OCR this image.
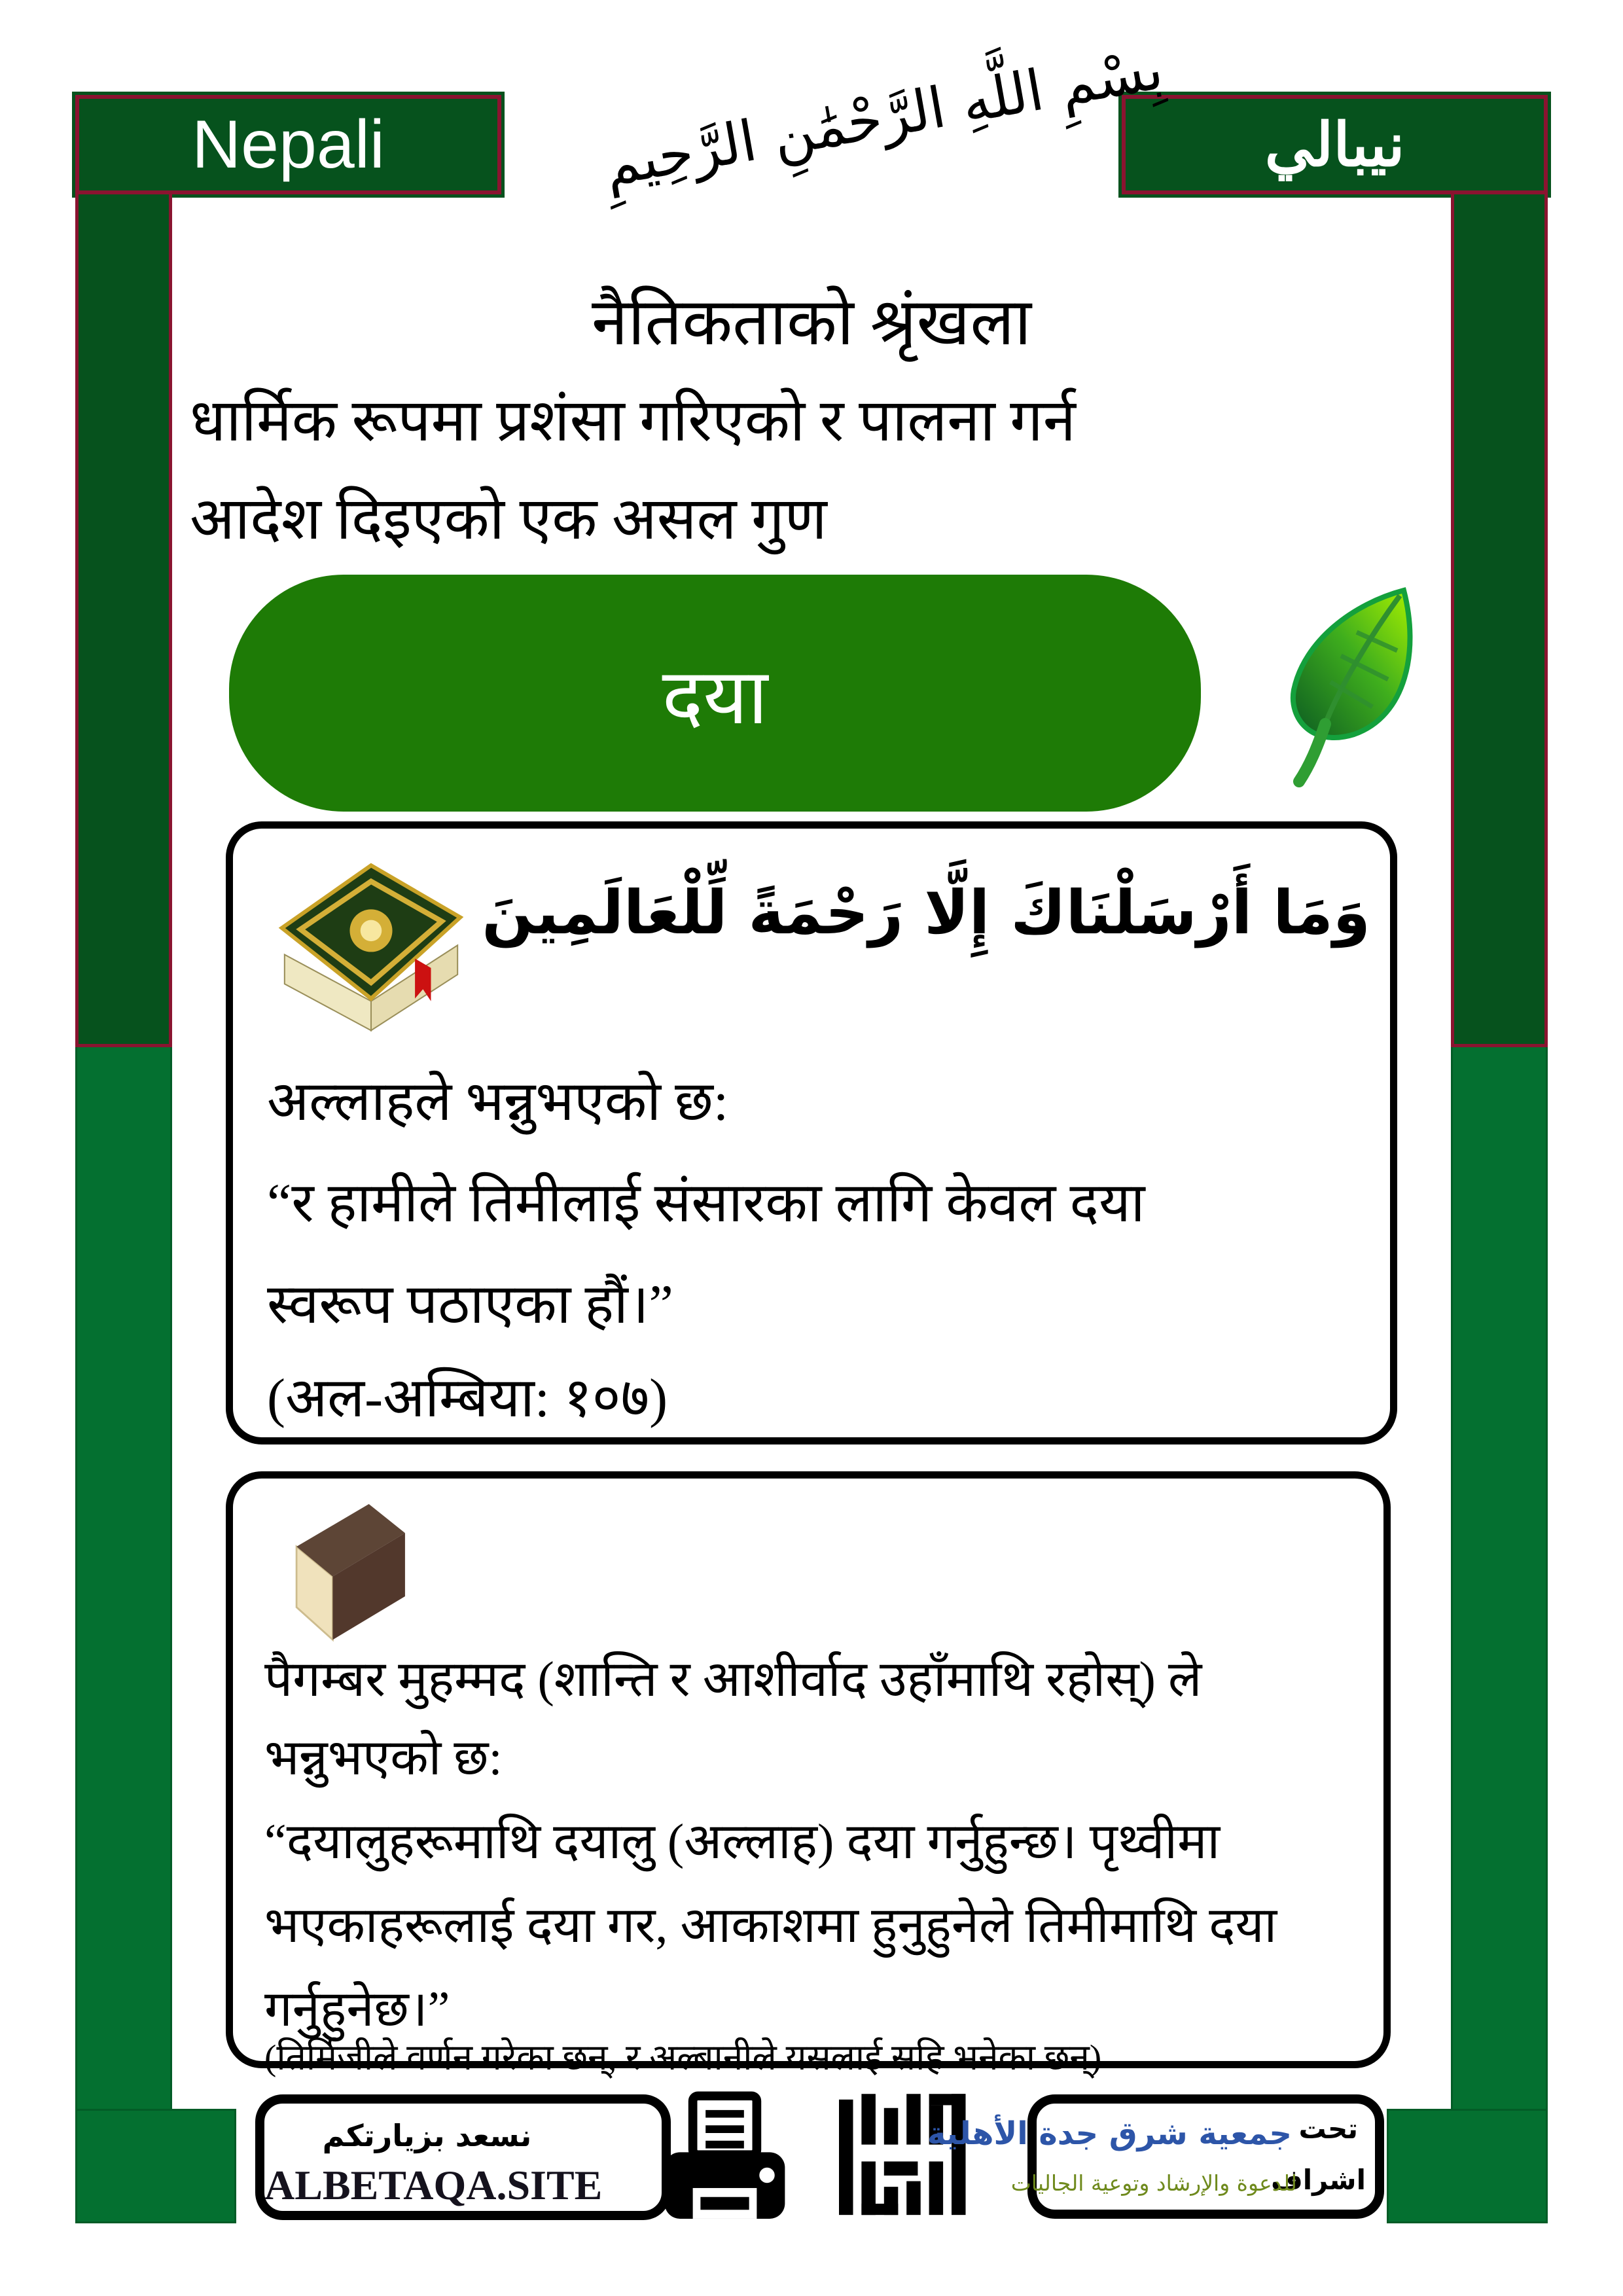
Nepali	نيبالي
بِسْمِ اللَّهِ الرَّحْمَٰنِ الرَّحِيمِ
नैतिकताको श्रृंखला
धार्मिक रूपमा प्रशंसा गरिएको र पालना गर्न
आदेश दिइएको एक असल गुण
दया
وَمَا أَرْسَلْنَاكَ إِلَّا رَحْمَةً لِّلْعَالَمِينَ
अल्लाहले भन्नुभएको छ:
“र हामीले तिमीलाई संसारका लागि केवल दया
स्वरूप पठाएका हौं।”
(अल-अम्बिया: १०७)
पैगम्बर मुहम्मद (शान्ति र आशीर्वाद उहाँमाथि रहोस्) ले
भन्नुभएको छ:
“दयालुहरूमाथि दयालु (अल्लाह) दया गर्नुहुन्छ। पृथ्वीमा
भएकाहरूलाई दया गर, आकाशमा हुनुहुनेले तिमीमाथि दया
गर्नुहुनेछ।”
(तिर्मिजीले वर्णन गरेका छन्, र अल्बानीले यसलाई सहि भनेका छन्)
نسعد بزيارتكم
ALBETAQA.SITE
تحت
اشراف
جمعية شرق جدة الأهلية
للدعوة والإرشاد وتوعية الجاليات
